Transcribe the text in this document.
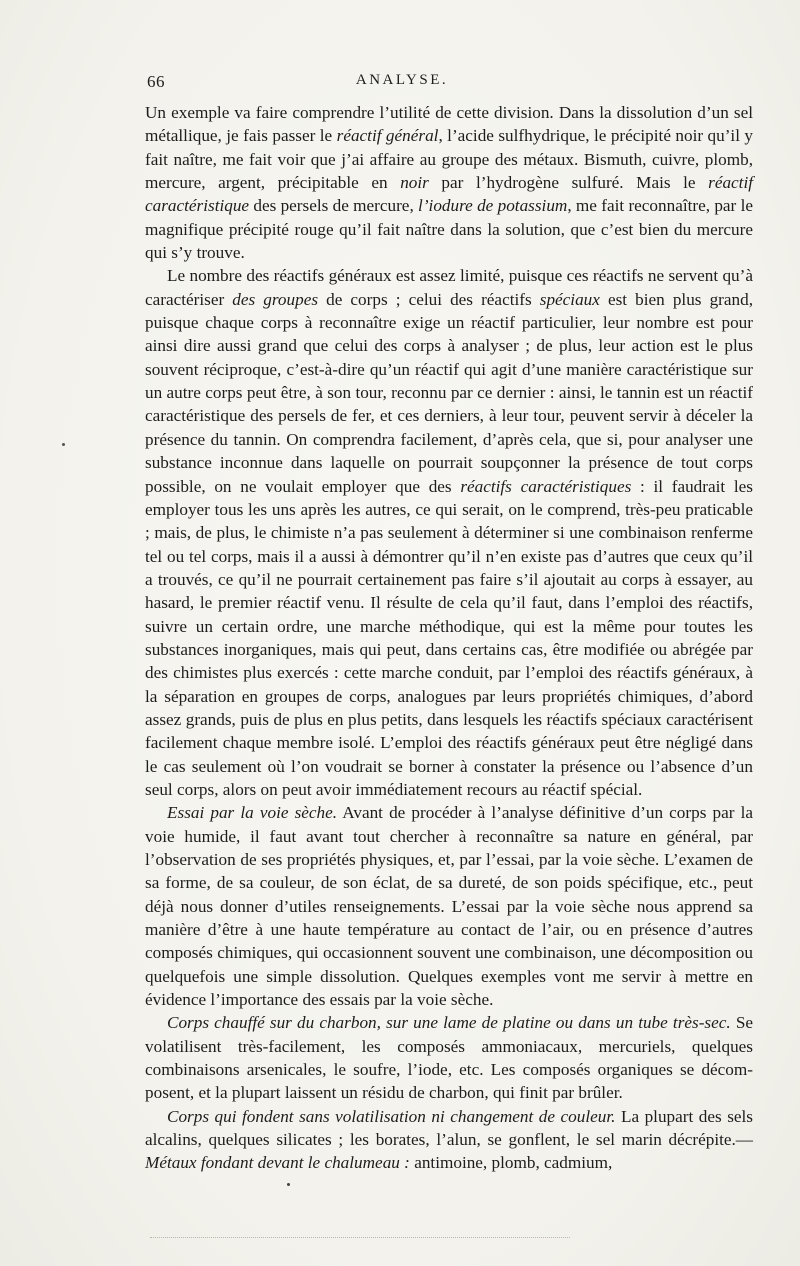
66	ANALYSE.

Un exemple va faire comprendre l’utilité de cette division. Dans la dissolution d’un sel métallique, je fais passer le réactif général, l’acide sulfhydrique, le précipité noir qu’il y fait naître, me fait voir que j’ai affaire au groupe des métaux. Bismuth, cuivre, plomb, mercure, argent, précipitable en noir par l’hydrogène sulfuré. Mais le réactif caractéristique des persels de mercure, l’iodure de potassium, me fait reconnaître, par le magnifique précipité rouge qu’il fait naître dans la solution, que c’est bien du mercure qui s’y trouve.

Le nombre des réactifs généraux est assez limité, puisque ces réactifs ne servent qu’à caractériser des groupes de corps ; celui des réactifs spéciaux est bien plus grand, puisque chaque corps à reconnaître exige un réactif particulier, leur nombre est pour ainsi dire aussi grand que celui des corps à analyser ; de plus, leur action est le plus souvent réciproque, c’est-à-dire qu’un réactif qui agit d’une manière caractéristique sur un autre corps peut être, à son tour, reconnu par ce dernier : ainsi, le tannin est un réactif caractéristique des persels de fer, et ces derniers, à leur tour, peuvent servir à déceler la présence du tannin. On comprendra facilement, d’après cela, que si, pour analyser une substance inconnue dans laquelle on pourrait soupçonner la présence de tout corps possible, on ne voulait employer que des réactifs caractéristiques : il faudrait les employer tous les uns après les autres, ce qui serait, on le comprend, très-peu praticable ; mais, de plus, le chimiste n’a pas seulement à déterminer si une combinaison renferme tel ou tel corps, mais il a aussi à démontrer qu’il n’en existe pas d’autres que ceux qu’il a trouvés, ce qu’il ne pourrait certainement pas faire s’il ajoutait au corps à essayer, au hasard, le premier réactif venu. Il résulte de cela qu’il faut, dans l’emploi des réactifs, suivre un certain ordre, une marche méthodique, qui est la même pour toutes les substances inorganiques, mais qui peut, dans certains cas, être modifiée ou abrégée par des chimistes plus exercés : cette marche conduit, par l’emploi des réactifs généraux, à la séparation en groupes de corps, analogues par leurs propriétés chimiques, d’abord assez grands, puis de plus en plus petits, dans lesquels les réactifs spéciaux caractérisent facilement chaque membre isolé. L’emploi des réactifs généraux peut être négligé dans le cas seulement où l’on voudrait se borner à constater la présence ou l’absence d’un seul corps, alors on peut avoir immédiatement recours au réactif spécial.

Essai par la voie sèche. Avant de procéder à l’analyse définitive d’un corps par la voie humide, il faut avant tout chercher à reconnaître sa nature en général, par l’observation de ses propriétés physiques, et, par l’essai, par la voie sèche. L’examen de sa forme, de sa couleur, de son éclat, de sa dureté, de son poids spécifique, etc., peut déjà nous donner d’utiles renseignements. L’essai par la voie sèche nous apprend sa manière d’être à une haute température au contact de l’air, ou en présence d’autres composés chimiques, qui occasionnent souvent une combinaison, une décomposition ou quelquefois une simple dissolution. Quelques exemples vont me servir à mettre en évidence l’importance des essais par la voie sèche.

Corps chauffé sur du charbon, sur une lame de platine ou dans un tube très-sec. Se volatilisent très-facilement, les composés ammoniacaux, mercuriels, quelques combinaisons arsenicales, le soufre, l’iode, etc. Les composés organiques se décomposent, et la plupart laissent un résidu de charbon, qui finit par brûler.

Corps qui fondent sans volatilisation ni changement de couleur. La plupart des sels alcalins, quelques silicates ; les borates, l’alun, se gonflent, le sel marin décrépite.— Métaux fondant devant le chalumeau : antimoine, plomb, cadmium,
